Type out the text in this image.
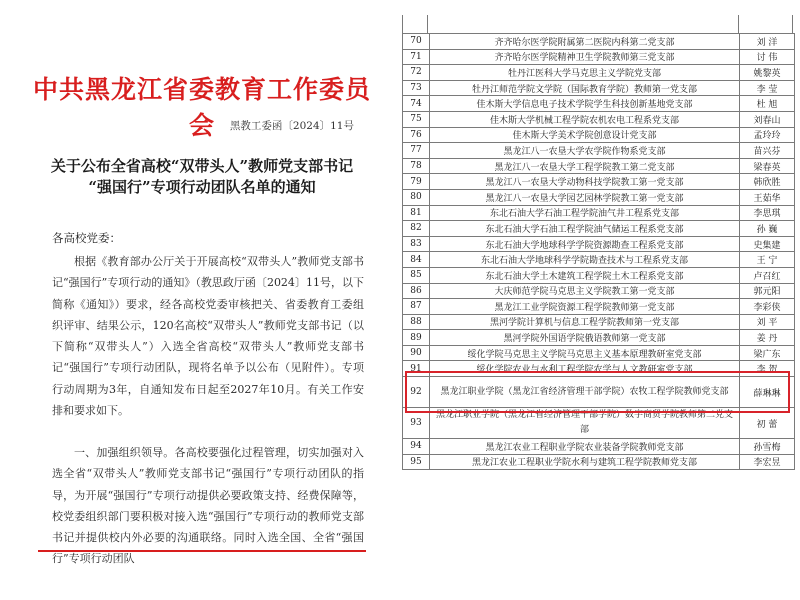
中共黑龙江省委教育工作委员会	黑教工委函〔2024〕11号
关于公布全省高校“双带头人”教师党支部书记
“强国行”专项行动团队名单的通知
各高校党委：

根据《教育部办公厅关于开展高校“双带头人”教师党支部书记“强国行”专项行动的通知》（教思政厅函〔2024〕11号，以下简称《通知》）要求，经各高校党委审核把关、省委教育工委组织评审、结果公示，120名高校“双带头人”教师党支部书记（以下简称“双带头人”）入选全省高校“双带头人”教师党支部书记“强国行”专项行动团队，现将名单予以公布（见附件）。专项行动周期为3年，自通知发布日起至2027年10月。有关工作安排和要求如下。

一、加强组织领导。各高校要强化过程管理，切实加强对入选全省“双带头人”教师党支部书记“强国行”专项行动团队的指导，为开展“强国行”专项行动提供必要政策支持、经费保障等，校党委组织部门要积极对接入选“强国行”专项行动的教师党支部书记并提供校内外必要的沟通联络。同时入选全国、全省“强国行”专项行动团队

70	齐齐哈尔医学院附属第二医院内科第二党支部	刘 洋
71	齐齐哈尔医学院精神卫生学院教师第三党支部	讨 伟
72	牡丹江医科大学马克思主义学院党支部	姚黎英
73	牡丹江师范学院文学院（国际教育学院）教师第一党支部	李 莹
74	佳木斯大学信息电子技术学院学生科技创新基地党支部	杜 旭
75	佳木斯大学机械工程学院农机农电工程系党支部	刘春山
76	佳木斯大学美术学院创意设计党支部	孟玲玲
77	黑龙江八一农垦大学农学院作物系党支部	苗兴芬
78	黑龙江八一农垦大学工程学院教工第二党支部	梁春英
79	黑龙江八一农垦大学动物科技学院教工第一党支部	韩欣胜
80	黑龙江八一农垦大学园艺园林学院教工第一党支部	王茹华
81	东北石油大学石油工程学院油气井工程系党支部	李思琪
82	东北石油大学石油工程学院油气储运工程系党支部	孙 巍
83	东北石油大学地球科学学院资源勘查工程系党支部	史集建
84	东北石油大学地球科学学院勘查技术与工程系党支部	王 宁
85	东北石油大学土木建筑工程学院土木工程系党支部	卢召红
86	大庆师范学院马克思主义学院教工第一党支部	郭元阳
87	黑龙江工业学院资源工程学院教师第一党支部	李彩侠
88	黑河学院计算机与信息工程学院教师第一党支部	刘 平
89	黑河学院外国语学院俄语教师第一党支部	姜 丹
90	绥化学院马克思主义学院马克思主义基本原理教研室党支部	梁广东
91	绥化学院农业与水利工程学院农学与人文教研室党支部	李 贺
92	黑龙江职业学院（黑龙江省经济管理干部学院）农牧工程学院教师党支部	薛琳琳
93	黑龙江职业学院（黑龙江省经济管理干部学院）数字商贸学院教师第二党支部	初 蕾
94	黑龙江农业工程职业学院农业装备学院教师党支部	孙雪梅
95	黑龙江农业工程职业学院水利与建筑工程学院教师党支部	李宏昱
